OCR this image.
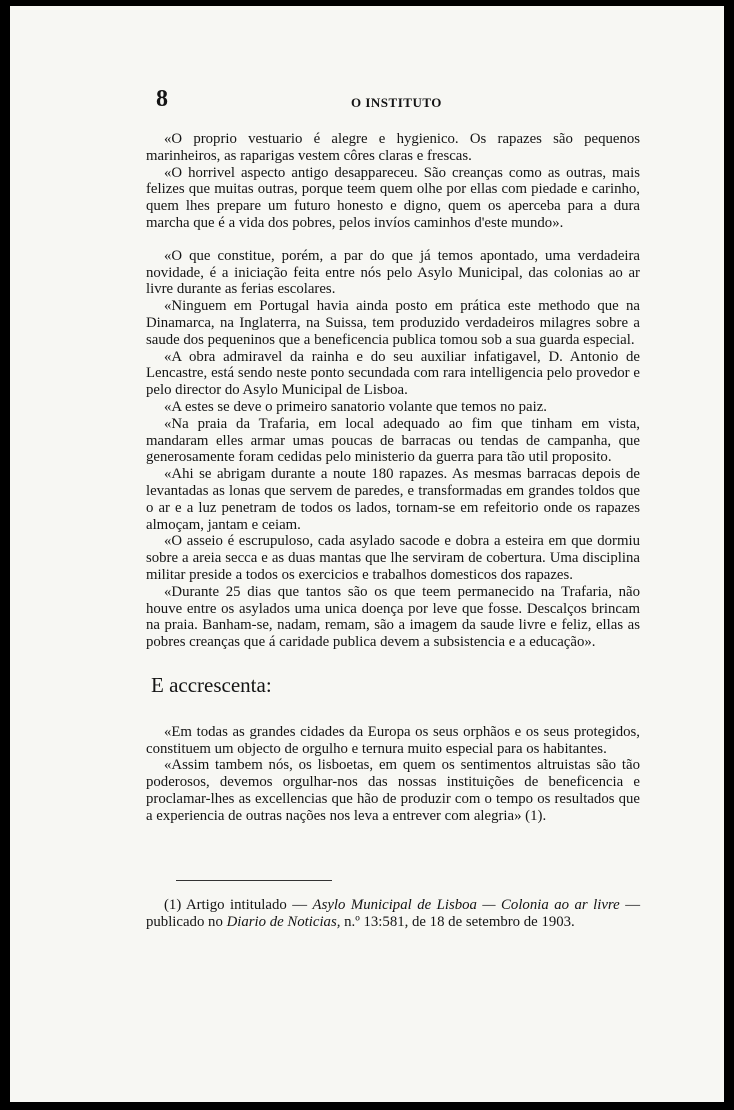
8	O INSTITUTO

«O proprio vestuario é alegre e hygienico. Os rapazes são pequenos marinheiros, as raparigas vestem côres claras e frescas.

«O horrivel aspecto antigo desappareceu. São creanças como as outras, mais felizes que muitas outras, porque teem quem olhe por ellas com piedade e carinho, quem lhes prepare um futuro honesto e digno, quem os aperceba para a dura marcha que é a vida dos pobres, pelos invíos caminhos d'este mundo».

«O que constitue, porém, a par do que já temos apontado, uma verdadeira novidade, é a iniciação feita entre nós pelo Asylo Municipal, das colonias ao ar livre durante as ferias escolares.

«Ninguem em Portugal havia ainda posto em prática este methodo que na Dinamarca, na Inglaterra, na Suissa, tem produzido verdadeiros milagres sobre a saude dos pequeninos que a beneficencia publica tomou sob a sua guarda especial.

«A obra admiravel da rainha e do seu auxiliar infatigavel, D. Antonio de Lencastre, está sendo neste ponto secundada com rara intelligencia pelo provedor e pelo director do Asylo Municipal de Lisboa.

«A estes se deve o primeiro sanatorio volante que temos no paiz.

«Na praia da Trafaria, em local adequado ao fim que tinham em vista, mandaram elles armar umas poucas de barracas ou tendas de campanha, que generosamente foram cedidas pelo ministerio da guerra para tão util proposito.

«Ahi se abrigam durante a noute 180 rapazes. As mesmas barracas depois de levantadas as lonas que servem de paredes, e transformadas em grandes toldos que o ar e a luz penetram de todos os lados, tornam-se em refeitorio onde os rapazes almoçam, jantam e ceiam.

«O asseio é escrupuloso, cada asylado sacode e dobra a esteira em que dormiu sobre a areia secca e as duas mantas que lhe serviram de cobertura. Uma disciplina militar preside a todos os exercicios e trabalhos domesticos dos rapazes.

«Durante 25 dias que tantos são os que teem permanecido na Trafaria, não houve entre os asylados uma unica doença por leve que fosse. Descalços brincam na praia. Banham-se, nadam, remam, são a imagem da saude livre e feliz, ellas as pobres creanças que á caridade publica devem a subsistencia e a educação».

E accrescenta:

«Em todas as grandes cidades da Europa os seus orphãos e os seus protegidos, constituem um objecto de orgulho e ternura muito especial para os habitantes.

«Assim tambem nós, os lisboetas, em quem os sentimentos altruistas são tão poderosos, devemos orgulhar-nos das nossas instituições de beneficencia e proclamar-lhes as excellencias que hão de produzir com o tempo os resultados que a experiencia de outras nações nos leva a entrever com alegria» (1).

(1) Artigo intitulado — Asylo Municipal de Lisboa — Colonia ao ar livre — publicado no Diario de Noticias, n.º 13:581, de 18 de setembro de 1903.
